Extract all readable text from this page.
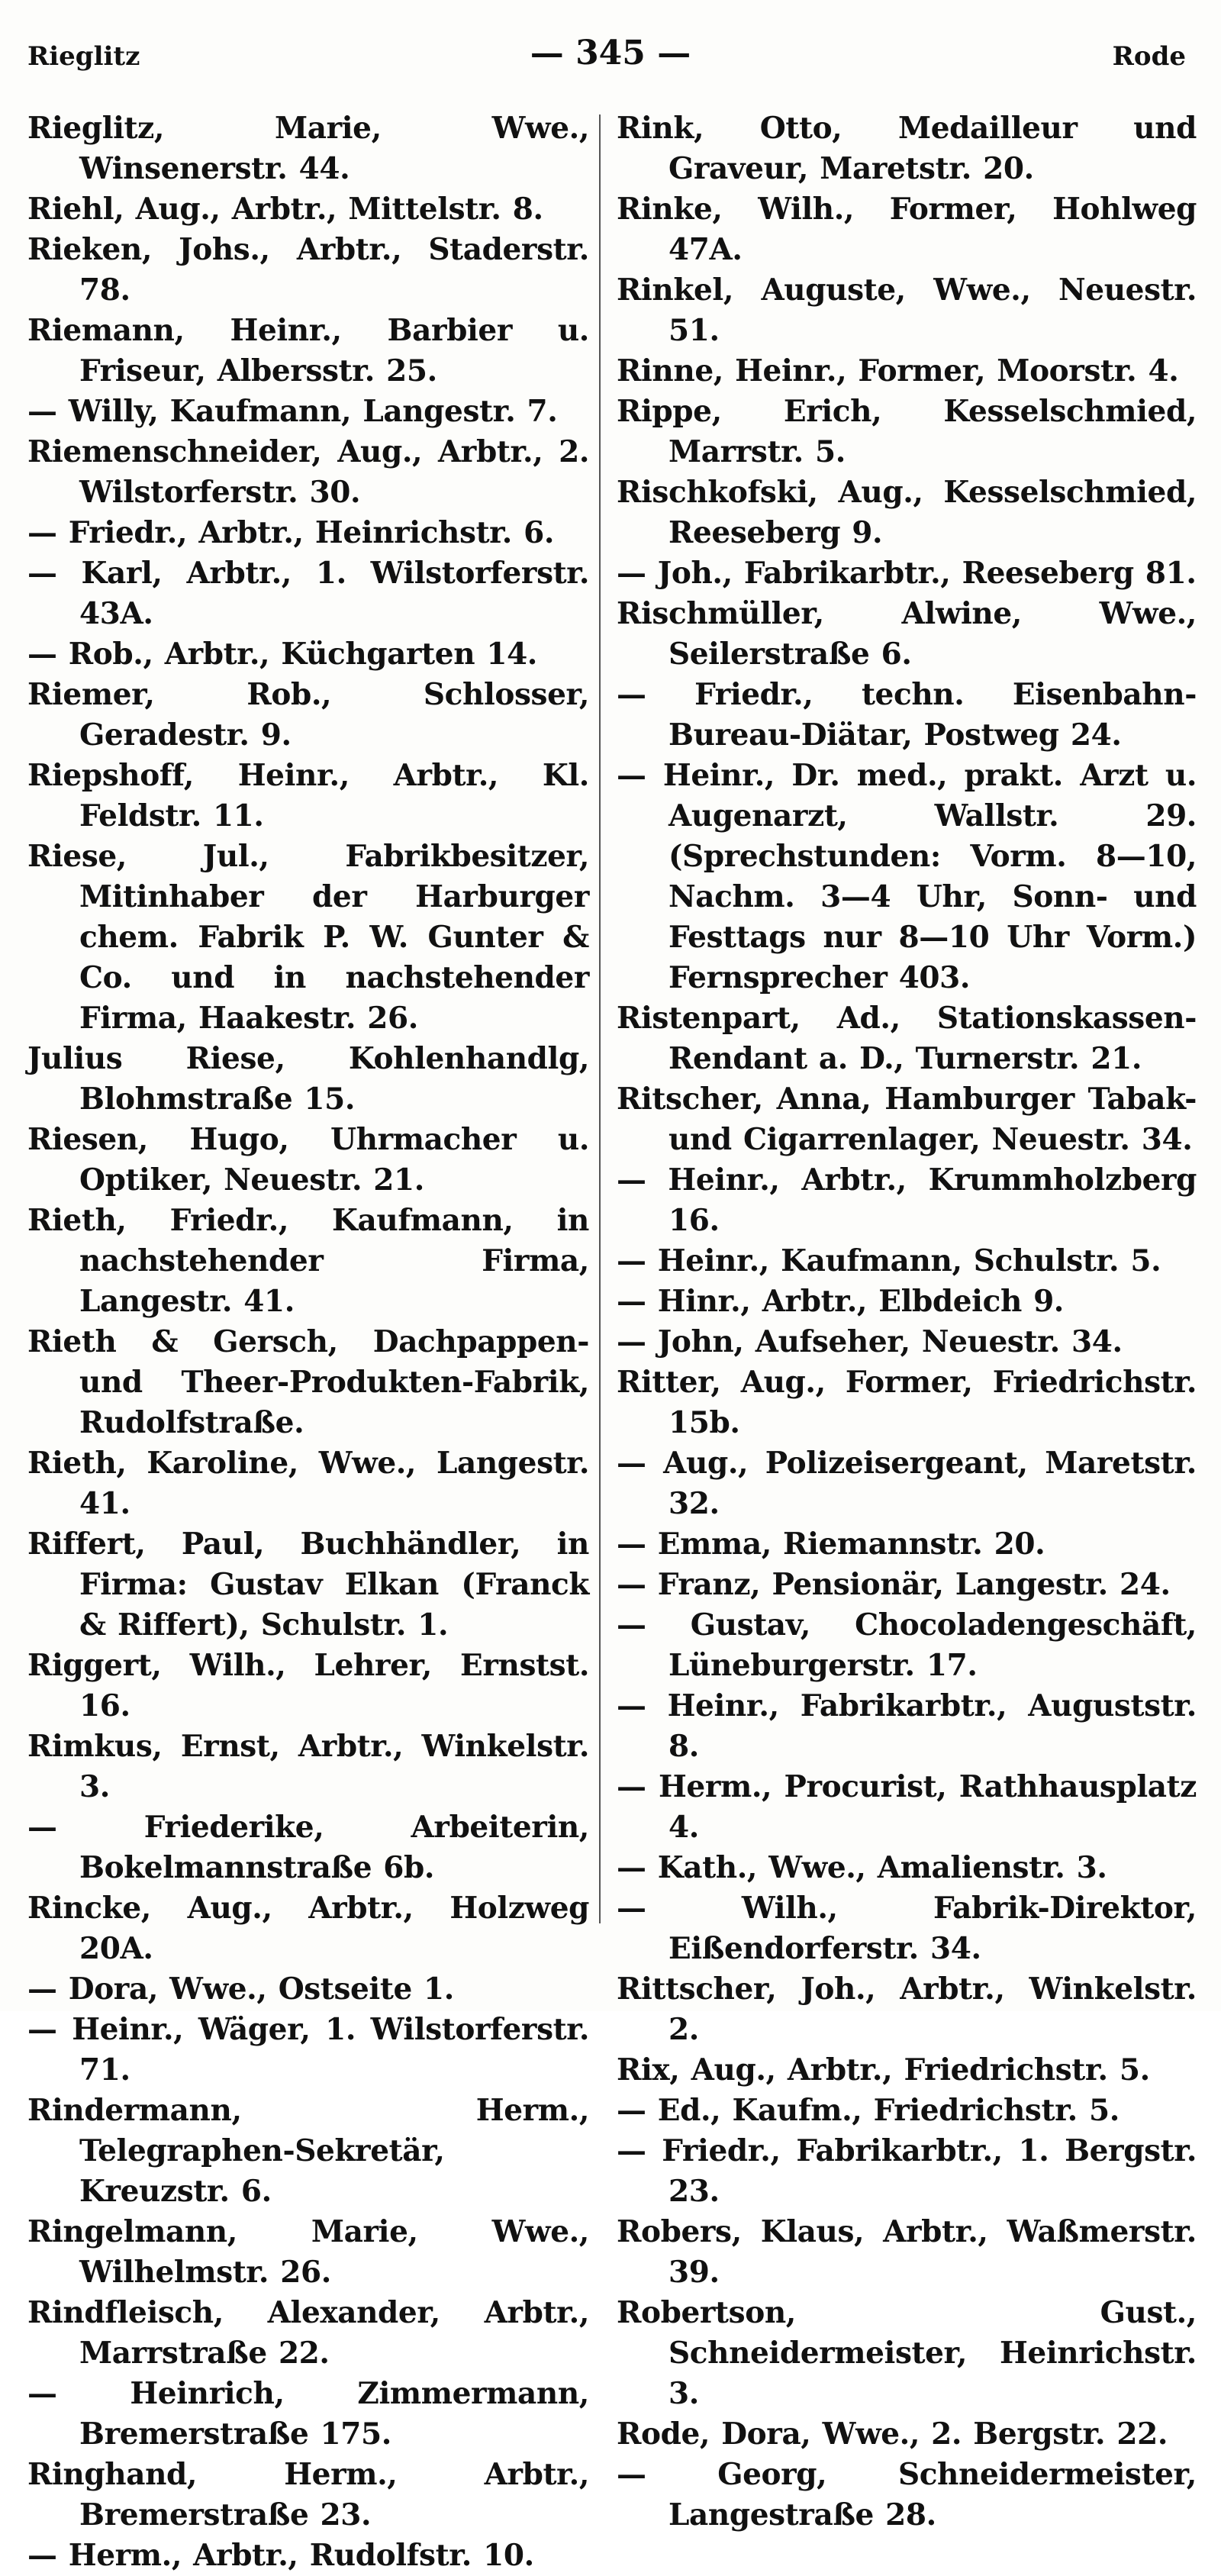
Rieglitz	— 345 —	Rode

Rieglitz, Marie, Wwe., Winsenerstr. 44.

Riehl, Aug., Arbtr., Mittelstr. 8.

Rieken, Johs., Arbtr., Staderstr. 78.

Riemann, Heinr., Barbier u. Friseur, Albersstr. 25.

— Willy, Kaufmann, Langestr. 7.

Riemenschneider, Aug., Arbtr., 2. Wilstorferstr. 30.

— Friedr., Arbtr., Heinrichstr. 6.

— Karl, Arbtr., 1. Wilstorferstr. 43A.

— Rob., Arbtr., Küchgarten 14.

Riemer, Rob., Schlosser, Geradestr. 9.

Riepshoff, Heinr., Arbtr., Kl. Feldstr. 11.

Riese, Jul., Fabrikbesitzer, Mitinhaber der Harburger chem. Fabrik P. W. Gunter & Co. und in nachstehender Firma, Haakestr. 26.

Julius Riese, Kohlenhandlg, Blohmstraße 15.

Riesen, Hugo, Uhrmacher u. Optiker, Neuestr. 21.

Rieth, Friedr., Kaufmann, in nachstehender Firma, Langestr. 41.

Rieth & Gersch, Dachpappen- und Theer-Produkten-Fabrik, Rudolfstraße.

Rieth, Karoline, Wwe., Langestr. 41.

Riffert, Paul, Buchhändler, in Firma: Gustav Elkan (Franck & Riffert), Schulstr. 1.

Riggert, Wilh., Lehrer, Ernstst. 16.

Rimkus, Ernst, Arbtr., Winkelstr. 3.

— Friederike, Arbeiterin, Bokelmannstraße 6b.

Rincke, Aug., Arbtr., Holzweg 20A.

— Dora, Wwe., Ostseite 1.

— Heinr., Wäger, 1. Wilstorferstr. 71.

Rindermann, Herm., Telegraphen-Sekretär, Kreuzstr. 6.

Ringelmann, Marie, Wwe., Wilhelmstr. 26.

Rindfleisch, Alexander, Arbtr., Marrstraße 22.

— Heinrich, Zimmermann, Bremerstraße 175.

Ringhand, Herm., Arbtr., Bremerstraße 23.

— Herm., Arbtr., Rudolfstr. 10.

Rink, Otto, Medailleur und Graveur, Maretstr. 20.

Rinke, Wilh., Former, Hohlweg 47A.

Rinkel, Auguste, Wwe., Neuestr. 51.

Rinne, Heinr., Former, Moorstr. 4.

Rippe, Erich, Kesselschmied, Marrstr. 5.

Rischkofski, Aug., Kesselschmied, Reeseberg 9.

— Joh., Fabrikarbtr., Reeseberg 81.

Rischmüller, Alwine, Wwe., Seilerstraße 6.

— Friedr., techn. Eisenbahn-Bureau-Diätar, Postweg 24.

— Heinr., Dr. med., prakt. Arzt u. Augenarzt, Wallstr. 29. (Sprechstunden: Vorm. 8—10, Nachm. 3—4 Uhr, Sonn- und Festtags nur 8—10 Uhr Vorm.) Fernsprecher 403.

Ristenpart, Ad., Stationskassen-Rendant a. D., Turnerstr. 21.

Ritscher, Anna, Hamburger Tabak- und Cigarrenlager, Neuestr. 34.

— Heinr., Arbtr., Krummholzberg 16.

— Heinr., Kaufmann, Schulstr. 5.

— Hinr., Arbtr., Elbdeich 9.

— John, Aufseher, Neuestr. 34.

Ritter, Aug., Former, Friedrichstr. 15b.

— Aug., Polizeisergeant, Maretstr. 32.

— Emma, Riemannstr. 20.

— Franz, Pensionär, Langestr. 24.

— Gustav, Chocoladengeschäft, Lüneburgerstr. 17.

— Heinr., Fabrikarbtr., Auguststr. 8.

— Herm., Procurist, Rathhausplatz 4.

— Kath., Wwe., Amalienstr. 3.

— Wilh., Fabrik-Direktor, Eißendorferstr. 34.

Rittscher, Joh., Arbtr., Winkelstr. 2.

Rix, Aug., Arbtr., Friedrichstr. 5.

— Ed., Kaufm., Friedrichstr. 5.

— Friedr., Fabrikarbtr., 1. Bergstr. 23.

Robers, Klaus, Arbtr., Waßmerstr. 39.

Robertson, Gust., Schneidermeister, Heinrichstr. 3.

Rode, Dora, Wwe., 2. Bergstr. 22.

— Georg, Schneidermeister, Langestraße 28.
